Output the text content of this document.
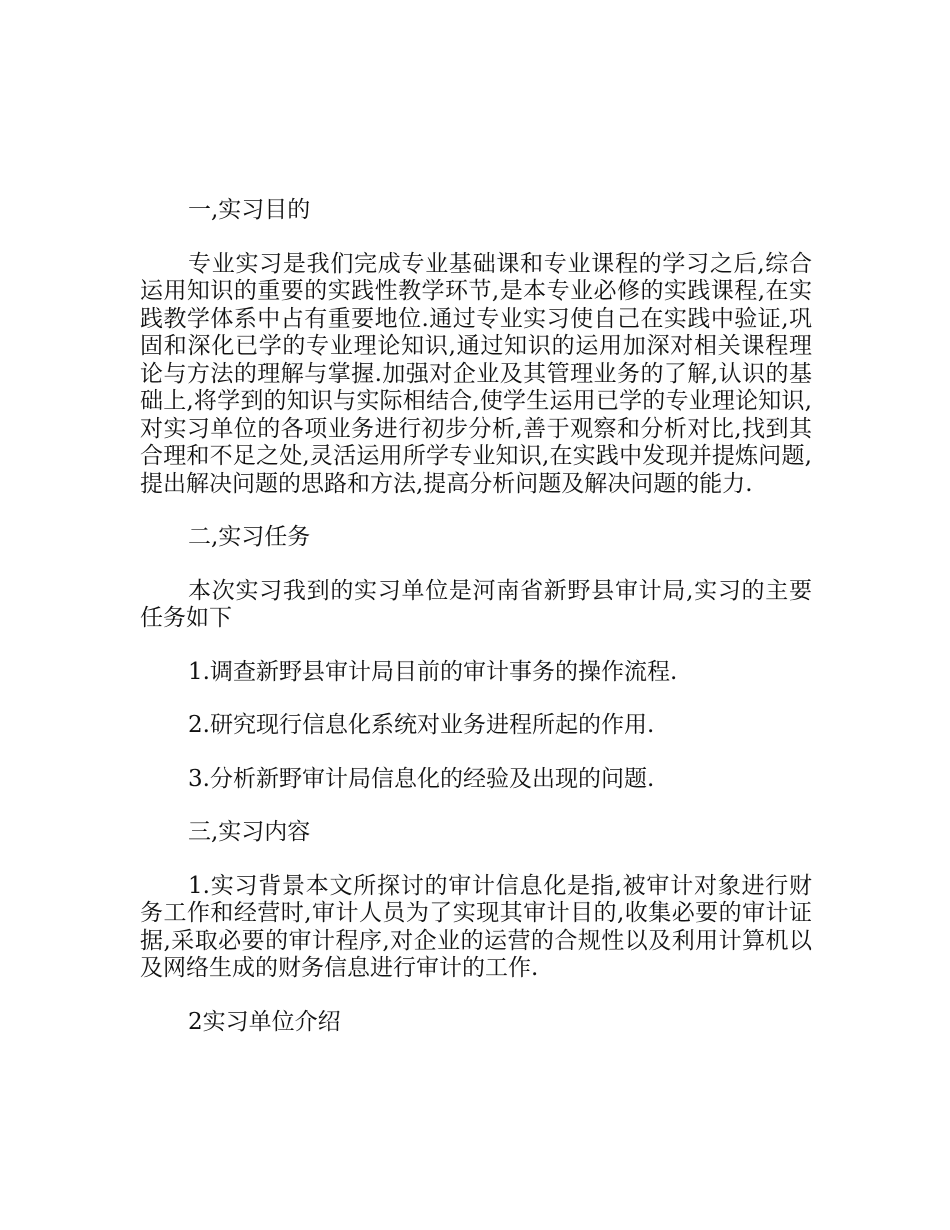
一,实习目的

专业实习是我们完成专业基础课和专业课程的学习之后,综合运用知识的重要的实践性教学环节,是本专业必修的实践课程,在实践教学体系中占有重要地位.通过专业实习使自己在实践中验证,巩固和深化已学的专业理论知识,通过知识的运用加深对相关课程理论与方法的理解与掌握.加强对企业及其管理业务的了解,认识的基础上,将学到的知识与实际相结合,使学生运用已学的专业理论知识,对实习单位的各项业务进行初步分析,善于观察和分析对比,找到其合理和不足之处,灵活运用所学专业知识,在实践中发现并提炼问题,提出解决问题的思路和方法,提高分析问题及解决问题的能力.

二,实习任务

本次实习我到的实习单位是河南省新野县审计局,实习的主要任务如下

1.调查新野县审计局目前的审计事务的操作流程.

2.研究现行信息化系统对业务进程所起的作用.

3.分析新野审计局信息化的经验及出现的问题.

三,实习内容

1.实习背景本文所探讨的审计信息化是指,被审计对象进行财务工作和经营时,审计人员为了实现其审计目的,收集必要的审计证据,采取必要的审计程序,对企业的运营的合规性以及利用计算机以及网络生成的财务信息进行审计的工作.

2实习单位介绍
